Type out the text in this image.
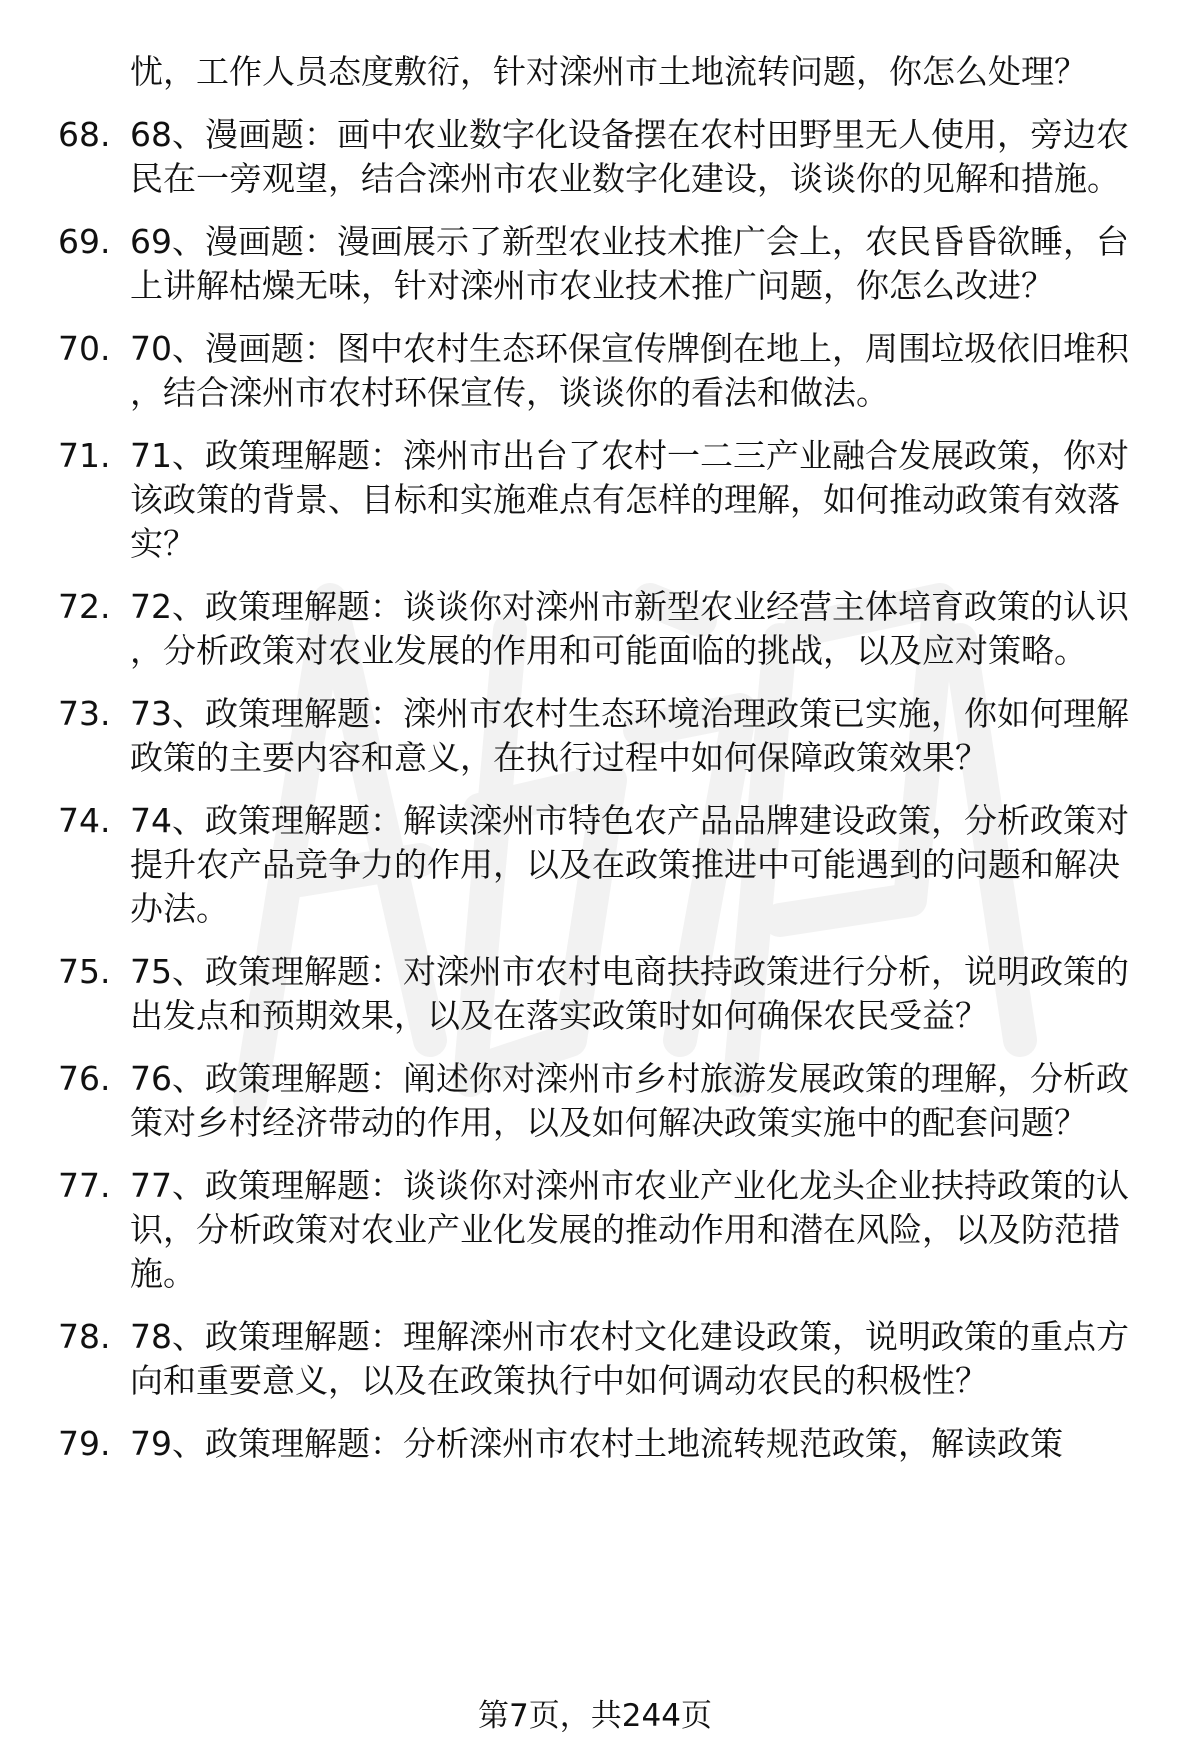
忧，工作人员态度敷衍，针对滦州市土地流转问题，你怎么处理？
68. 68、漫画题：画中农业数字化设备摆在农村田野里无人使用，旁边农民在一旁观望，结合滦州市农业数字化建设，谈谈你的见解和措施。
69. 69、漫画题：漫画展示了新型农业技术推广会上，农民昏昏欲睡，台上讲解枯燥无味，针对滦州市农业技术推广问题，你怎么改进？
70. 70、漫画题：图中农村生态环保宣传牌倒在地上，周围垃圾依旧堆积，结合滦州市农村环保宣传，谈谈你的看法和做法。
71. 71、政策理解题：滦州市出台了农村一二三产业融合发展政策，你对该政策的背景、目标和实施难点有怎样的理解，如何推动政策有效落实？
72. 72、政策理解题：谈谈你对滦州市新型农业经营主体培育政策的认识，分析政策对农业发展的作用和可能面临的挑战，以及应对策略。
73. 73、政策理解题：滦州市农村生态环境治理政策已实施，你如何理解政策的主要内容和意义，在执行过程中如何保障政策效果？
74. 74、政策理解题：解读滦州市特色农产品品牌建设政策，分析政策对提升农产品竞争力的作用，以及在政策推进中可能遇到的问题和解决办法。
75. 75、政策理解题：对滦州市农村电商扶持政策进行分析，说明政策的出发点和预期效果，以及在落实政策时如何确保农民受益？
76. 76、政策理解题：阐述你对滦州市乡村旅游发展政策的理解，分析政策对乡村经济带动的作用，以及如何解决政策实施中的配套问题？
77. 77、政策理解题：谈谈你对滦州市农业产业化龙头企业扶持政策的认识，分析政策对农业产业化发展的推动作用和潜在风险，以及防范措施。
78. 78、政策理解题：理解滦州市农村文化建设政策，说明政策的重点方向和重要意义，以及在政策执行中如何调动农民的积极性？
79. 79、政策理解题：分析滦州市农村土地流转规范政策，解读政策
第7页，共244页
